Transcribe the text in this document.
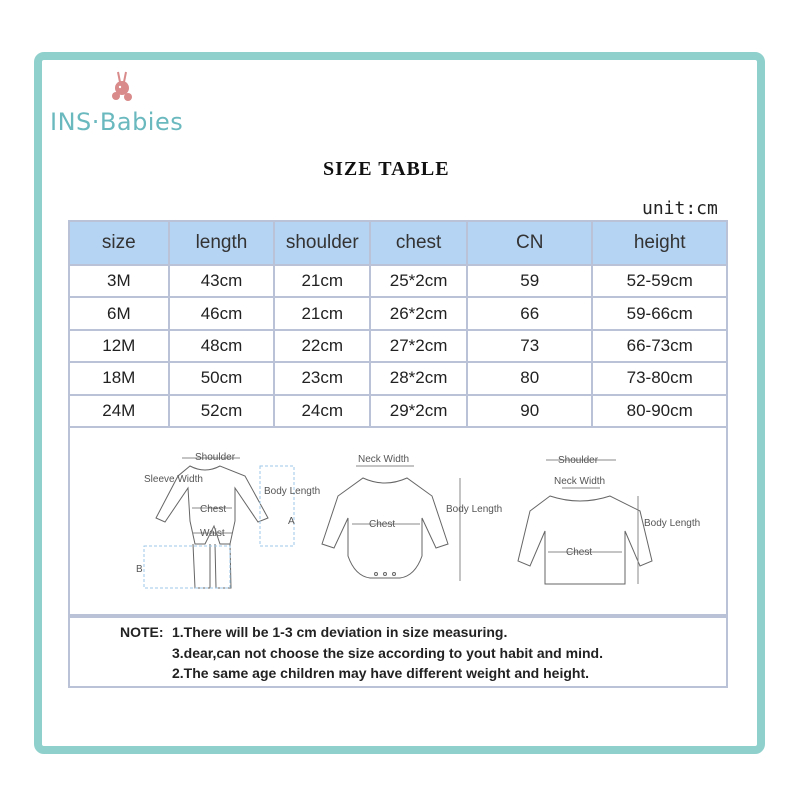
INS·Babies
SIZE TABLE
unit:cm
size	length	shoulder	chest	CN	height
3M	43cm	21cm	25*2cm	59	52-59cm
6M	46cm	21cm	26*2cm	66	59-66cm
12M	48cm	22cm	27*2cm	73	66-73cm
18M	50cm	23cm	28*2cm	80	73-80cm
24M	52cm	24cm	29*2cm	90	80-90cm
Shoulder
Sleeve Width
Chest
Waist
Body Length
A
B
Neck Width
Chest
Body Length
Shoulder
Neck Width
Chest
Body Length
NOTE: 1.There will be 1-3 cm deviation in size measuring.
3.dear,can not choose the size according to yout habit and mind.
2.The same age children may have different weight and height.
